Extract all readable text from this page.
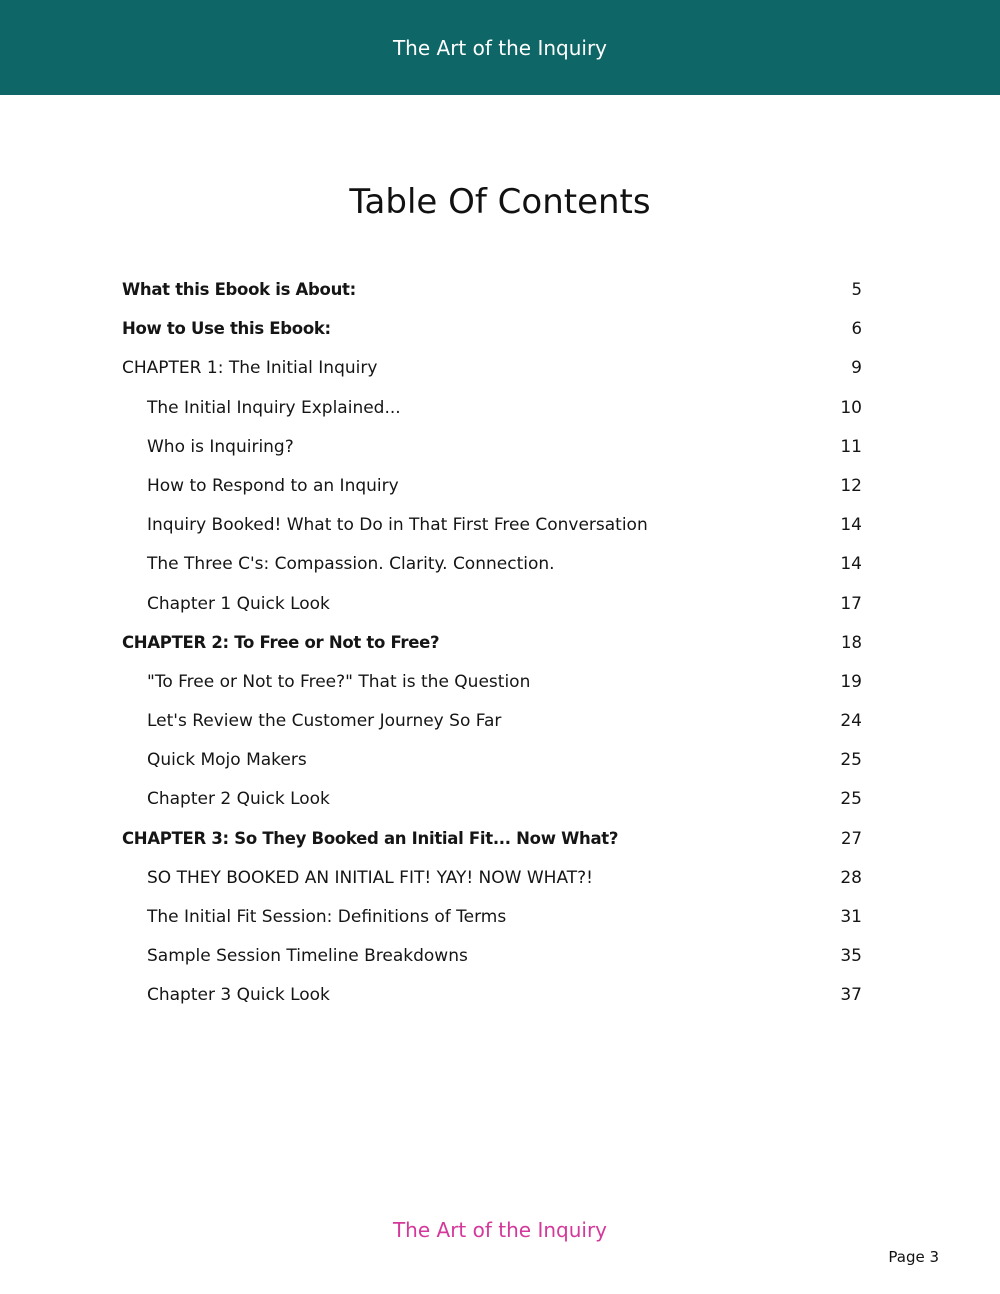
The Art of the Inquiry
Table Of Contents
What this Ebook is About:	5
How to Use this Ebook:	6
CHAPTER 1: The Initial Inquiry	9
The Initial Inquiry Explained...	10
Who is Inquiring?	11
How to Respond to an Inquiry	12
Inquiry Booked! What to Do in That First Free Conversation	14
The Three C's: Compassion. Clarity. Connection.	14
Chapter 1 Quick Look	17
CHAPTER 2: To Free or Not to Free?	18
"To Free or Not to Free?" That is the Question	19
Let's Review the Customer Journey So Far	24
Quick Mojo Makers	25
Chapter 2 Quick Look	25
CHAPTER 3: So They Booked an Initial Fit... Now What?	27
SO THEY BOOKED AN INITIAL FIT! YAY! NOW WHAT?!	28
The Initial Fit Session: Definitions of Terms	31
Sample Session Timeline Breakdowns	35
Chapter 3 Quick Look	37
The Art of the Inquiry
Page 3
